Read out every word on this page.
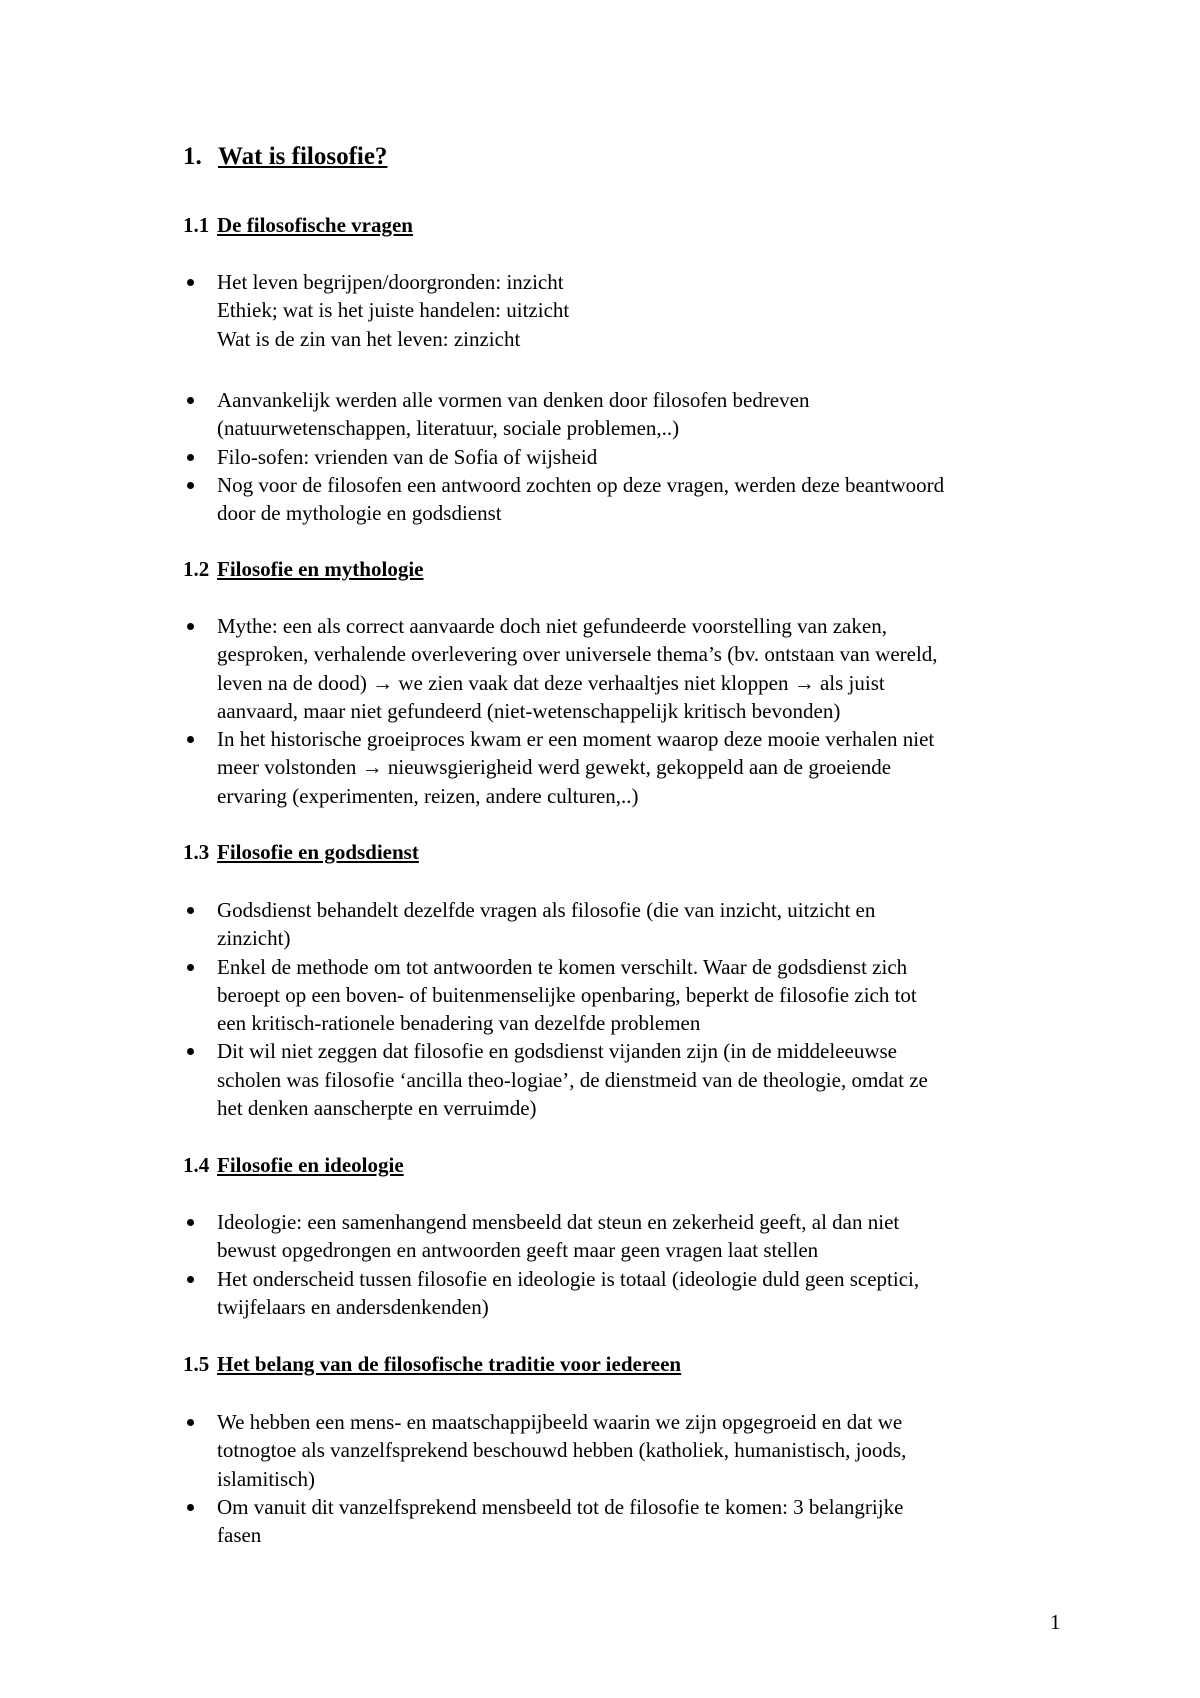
1. Wat is filosofie?
1.1 De filosofische vragen
Het leven begrijpen/doorgronden: inzicht
Ethiek; wat is het juiste handelen: uitzicht
Wat is de zin van het leven: zinzicht
Aanvankelijk werden alle vormen van denken door filosofen bedreven
(natuurwetenschappen, literatuur, sociale problemen,..)
Filo-sofen: vrienden van de Sofia of wijsheid
Nog voor de filosofen een antwoord zochten op deze vragen, werden deze beantwoord
door de mythologie en godsdienst
1.2 Filosofie en mythologie
Mythe: een als correct aanvaarde doch niet gefundeerde voorstelling van zaken,
gesproken, verhalende overlevering over universele thema’s (bv. ontstaan van wereld,
leven na de dood) → we zien vaak dat deze verhaaltjes niet kloppen → als juist
aanvaard, maar niet gefundeerd (niet-wetenschappelijk kritisch bevonden)
In het historische groeiproces kwam er een moment waarop deze mooie verhalen niet
meer volstonden → nieuwsgierigheid werd gewekt, gekoppeld aan de groeiende
ervaring (experimenten, reizen, andere culturen,..)
1.3 Filosofie en godsdienst
Godsdienst behandelt dezelfde vragen als filosofie (die van inzicht, uitzicht en
zinzicht)
Enkel de methode om tot antwoorden te komen verschilt. Waar de godsdienst zich
beroept op een boven- of buitenmenselijke openbaring, beperkt de filosofie zich tot
een kritisch-rationele benadering van dezelfde problemen
Dit wil niet zeggen dat filosofie en godsdienst vijanden zijn (in de middeleeuwse
scholen was filosofie ‘ancilla theo-logiae’, de dienstmeid van de theologie, omdat ze
het denken aanscherpte en verruimde)
1.4 Filosofie en ideologie
Ideologie: een samenhangend mensbeeld dat steun en zekerheid geeft, al dan niet
bewust opgedrongen en antwoorden geeft maar geen vragen laat stellen
Het onderscheid tussen filosofie en ideologie is totaal (ideologie duld geen sceptici,
twijfelaars en andersdenkenden)
1.5 Het belang van de filosofische traditie voor iedereen
We hebben een mens- en maatschappijbeeld waarin we zijn opgegroeid en dat we
totnogtoe als vanzelfsprekend beschouwd hebben (katholiek, humanistisch, joods,
islamitisch)
Om vanuit dit vanzelfsprekend mensbeeld tot de filosofie te komen: 3 belangrijke
fasen
1
